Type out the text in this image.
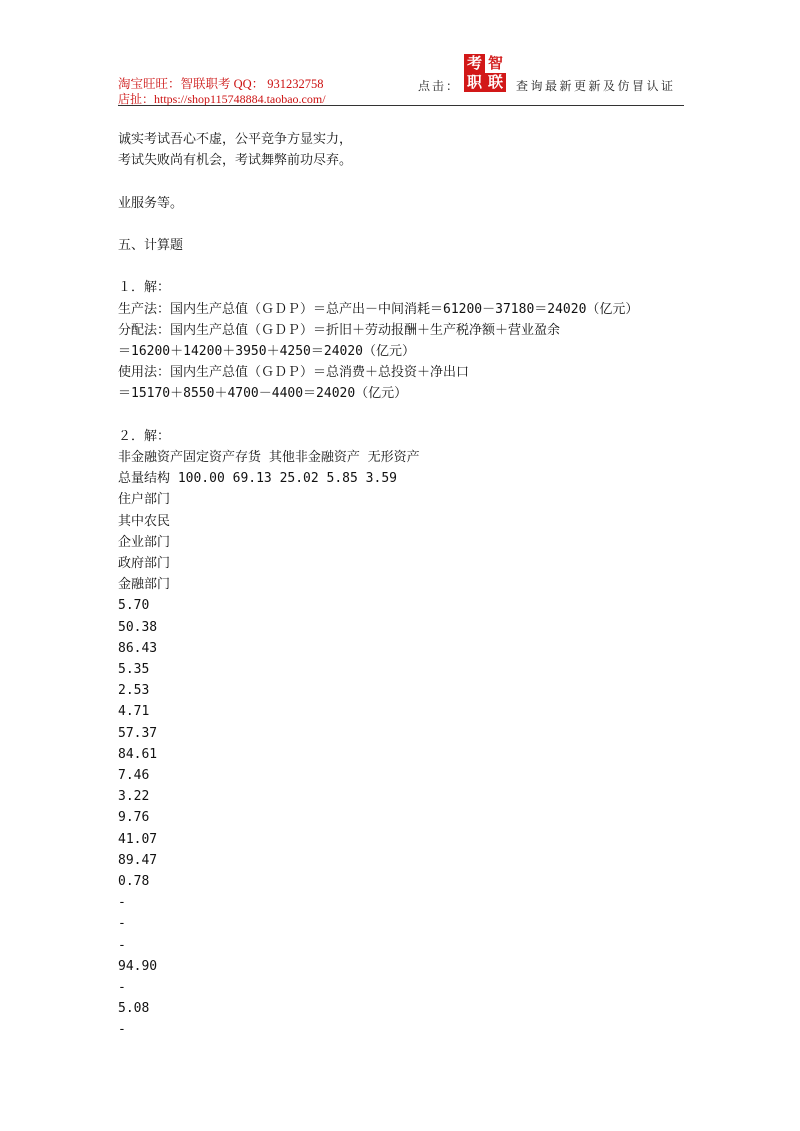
淘宝旺旺：智联职考 QQ： 931232758
店扯：https://shop115748884.taobao.com/
点击：
考 智
职 联 查询最新更新及仿冒认证
诚实考试吾心不虚，公平竞争方显实力，
考试失败尚有机会，考试舞弊前功尽弃。
业服务等。
五、计算题
１．解：
生产法：国内生产总值（ＧＤＰ）＝总产出－中间消耗＝61200－37180＝24020（亿元）
分配法：国内生产总值（ＧＤＰ）＝折旧＋劳动报酬＋生产税净额＋营业盈余
＝16200＋14200＋3950＋4250＝24020（亿元）
使用法：国内生产总值（ＧＤＰ）＝总消费＋总投资＋净出口
＝15170＋8550＋4700－4400＝24020（亿元）
２．解：
非金融资产固定资产存货 其他非金融资产 无形资产
总量结构 100.00 69.13 25.02 5.85 3.59
住户部门
其中农民
企业部门
政府部门
金融部门
5.70
50.38
86.43
5.35
2.53
4.71
57.37
84.61
7.46
3.22
9.76
41.07
89.47
0.78
-
-
-
94.90
-
5.08
-
